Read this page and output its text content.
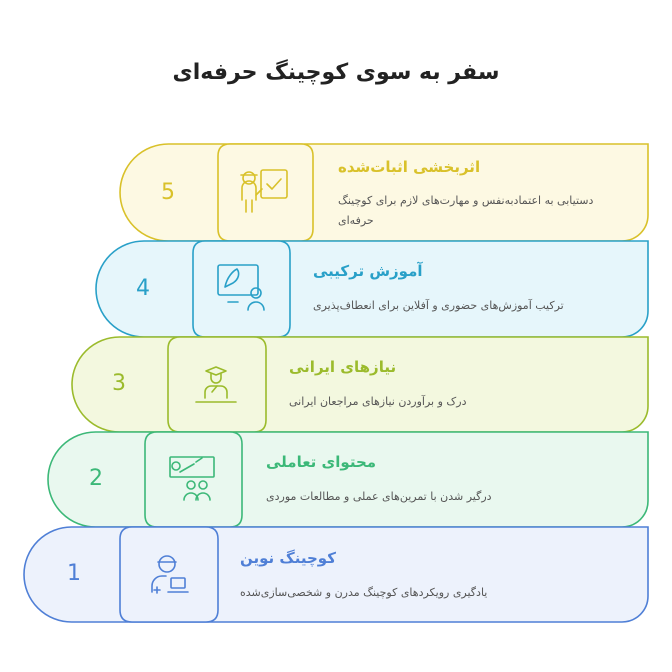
سفر به سوی کوچینگ حرفه‌ای
1
2
3
4
5
کوچینگ نوین
محتوای تعاملی
نیازهای ایرانی
آموزش ترکیبی
اثربخشی اثبات‌شده
یادگیری رویکردهای کوچینگ مدرن و شخصی‌سازی‌شده
درگیر شدن با تمرین‌های عملی و مطالعات موردی
درک و برآوردن نیازهای مراجعان ایرانی
ترکیب آموزش‌های حضوری و آفلاین برای انعطاف‌پذیری
دستیابی به اعتمادبه‌نفس و مهارت‌های لازم برای کوچینگ حرفه‌ای
